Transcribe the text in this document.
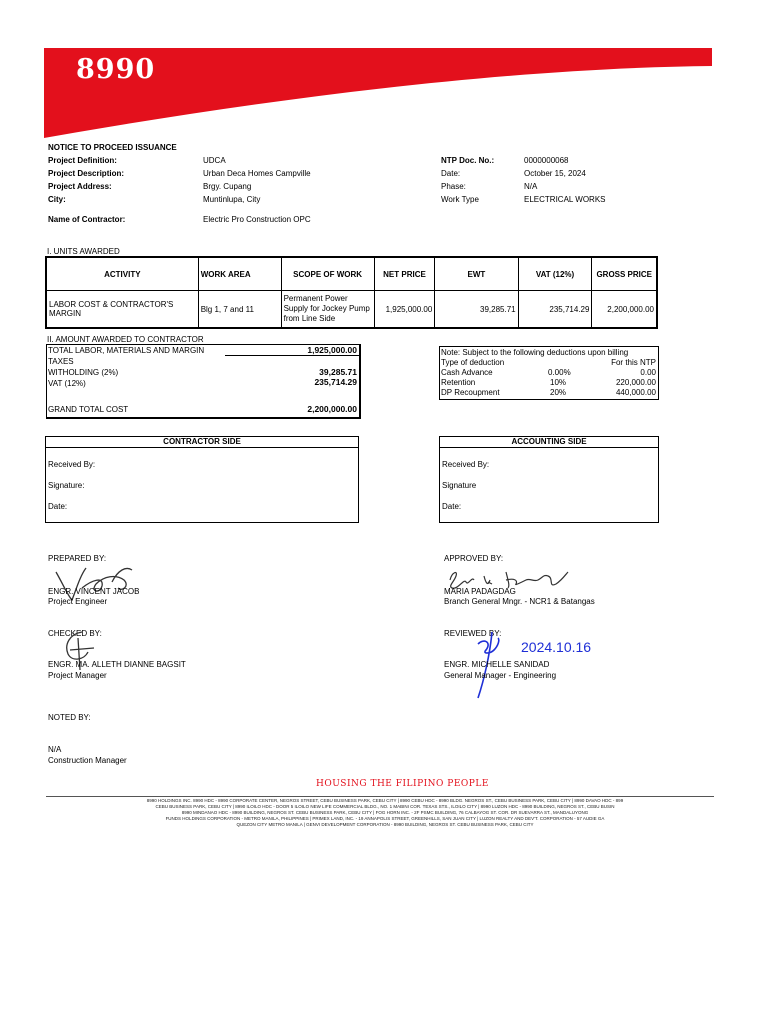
8990
NOTICE TO PROCEED ISSUANCE
Project Definition:	UDCA
Project Description:	Urban Deca Homes Campville
Project Address:	Brgy. Cupang
City:	Muntinlupa, City
Name of Contractor:	Electric Pro Construction OPC
NTP Doc. No.:	0000000068
Date:	October 15, 2024
Phase:	N/A
Work Type	ELECTRICAL WORKS
I. UNITS AWARDED
ACTIVITY	WORK AREA	SCOPE OF WORK	NET PRICE	EWT	VAT (12%)	GROSS PRICE
LABOR COST & CONTRACTOR'S MARGIN	Blg 1, 7 and 11	Permanent Power
Supply for Jockey Pump
from Line Side	1,925,000.00	39,285.71	235,714.29	2,200,000.00
II. AMOUNT AWARDED TO CONTRACTOR
TOTAL LABOR, MATERIALS AND MARGIN	1,925,000.00
TAXES
WITHOLDING (2%)	39,285.71
VAT (12%)	235,714.29
GRAND TOTAL COST	2,200,000.00
Note: Subject to the following deductions upon billing
Type of deduction	For this NTP
Cash Advance	0.00%	0.00
Retention	10%	220,000.00
DP Recoupment	20%	440,000.00
CONTRACTOR SIDE
Received By:
Signature:
Date:
ACCOUNTING SIDE
Received By:
Signature
Date:
PREPARED BY:
ENGR. VINCENT JACOB
Project Engineer
APPROVED BY:
MARIA PADAGDAG
Branch General Mngr. - NCR1 & Batangas
CHECKED BY:
ENGR. MA. ALLETH DIANNE BAGSIT
Project Manager
REVIEWED BY:
2024.10.16
ENGR. MICHELLE SANIDAD
General Manager - Engineering
NOTED BY:
N/A
Construction Manager
HOUSING THE FILIPINO PEOPLE
8990 HOLDINGS INC. 8990 HDC - 8990 CORPORATE CENTER, NEGROS STREET, CEBU BUSINESS PARK, CEBU CITY | 8990 CEBU HDC - 8990 BLDG. NEGROS ST., CEBU BUSINESS PARK, CEBU CITY | 8990 DAVAO HDC - 899
CEBU BUSINESS PARK, CEBU CITY | 8990 ILOILO HDC - DOOR 5 ILOILO NEW LIFE COMMERCIAL BLDG., NO. 1 MABINI COR. TEXAS STS., ILOILO CITY | 8990 LUZON HDC - 8990 BUILDING, NEGROS ST., CEBU BUSIN
8990 MINDANAO HDC - 8990 BUILDING, NEGROS ST. CEBU BUSINESS PARK, CEBU CITY | FOG HORN INC. - 2F PSMC BUILDING, 76 CALBAYOG ST. COR. DR SUEVARRA ST., MANDALUYONG
FUNDS HOLDINGS CORPORATION - METRO MANILA, PHILIPPINES | PRIMEX LAND, INC. - 19 ANNAPOLIS STREET, GREENHILLS, SAN JUAN CITY | LUZON REALTY AND DEV'T. CORPORATION - 57 AUDIE GA
QUEZON CITY METRO MANILA | GENVI DEVELOPMENT CORPORATION - 8990 BUILDING, NEGROS ST. CEBU BUSINESS PARK, CEBU CITY
